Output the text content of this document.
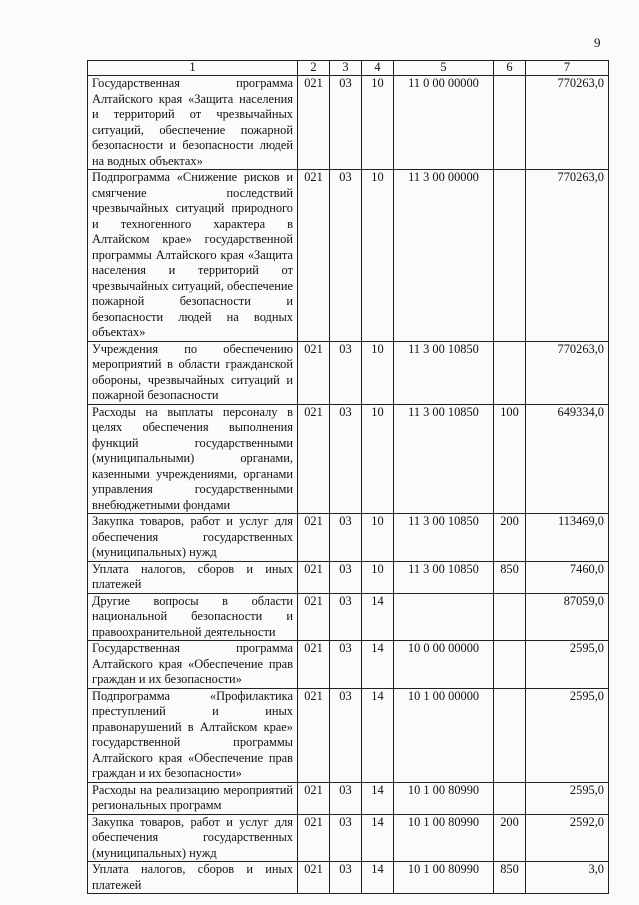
9
1	2	3	4	5	6	7
Государственная программа Алтайского края «Защита населения и территорий от чрезвычайных ситуаций, обеспечение пожарной безопасности и безопасности людей на водных объектах»	021	03	10	11 0 00 00000		770263,0
Подпрограмма «Снижение рисков и смягчение последствий чрезвычайных ситуаций природного и техногенного характера в Алтайском крае» государственной программы Алтайского края «Защита населения и территорий от чрезвычайных ситуаций, обеспечение пожарной безопасности и безопасности людей на водных объектах»	021	03	10	11 3 00 00000		770263,0
Учреждения по обеспечению мероприятий в области гражданской обороны, чрезвычайных ситуаций и пожарной безопасности	021	03	10	11 3 00 10850		770263,0
Расходы на выплаты персоналу в целях обеспечения выполнения функций государственными (муниципальными) органами, казенными учреждениями, органами управления государственными внебюджетными фондами	021	03	10	11 3 00 10850	100	649334,0
Закупка товаров, работ и услуг для обеспечения государственных (муниципальных) нужд	021	03	10	11 3 00 10850	200	113469,0
Уплата налогов, сборов и иных платежей	021	03	10	11 3 00 10850	850	7460,0
Другие вопросы в области национальной безопасности и правоохранительной деятельности	021	03	14			87059,0
Государственная программа Алтайского края «Обеспечение прав граждан и их безопасности»	021	03	14	10 0 00 00000		2595,0
Подпрограмма «Профилактика преступлений и иных правонарушений в Алтайском крае» государственной программы Алтайского края «Обеспечение прав граждан и их безопасности»	021	03	14	10 1 00 00000		2595,0
Расходы на реализацию мероприятий региональных программ	021	03	14	10 1 00 80990		2595,0
Закупка товаров, работ и услуг для обеспечения государственных (муниципальных) нужд	021	03	14	10 1 00 80990	200	2592,0
Уплата налогов, сборов и иных платежей	021	03	14	10 1 00 80990	850	3,0
